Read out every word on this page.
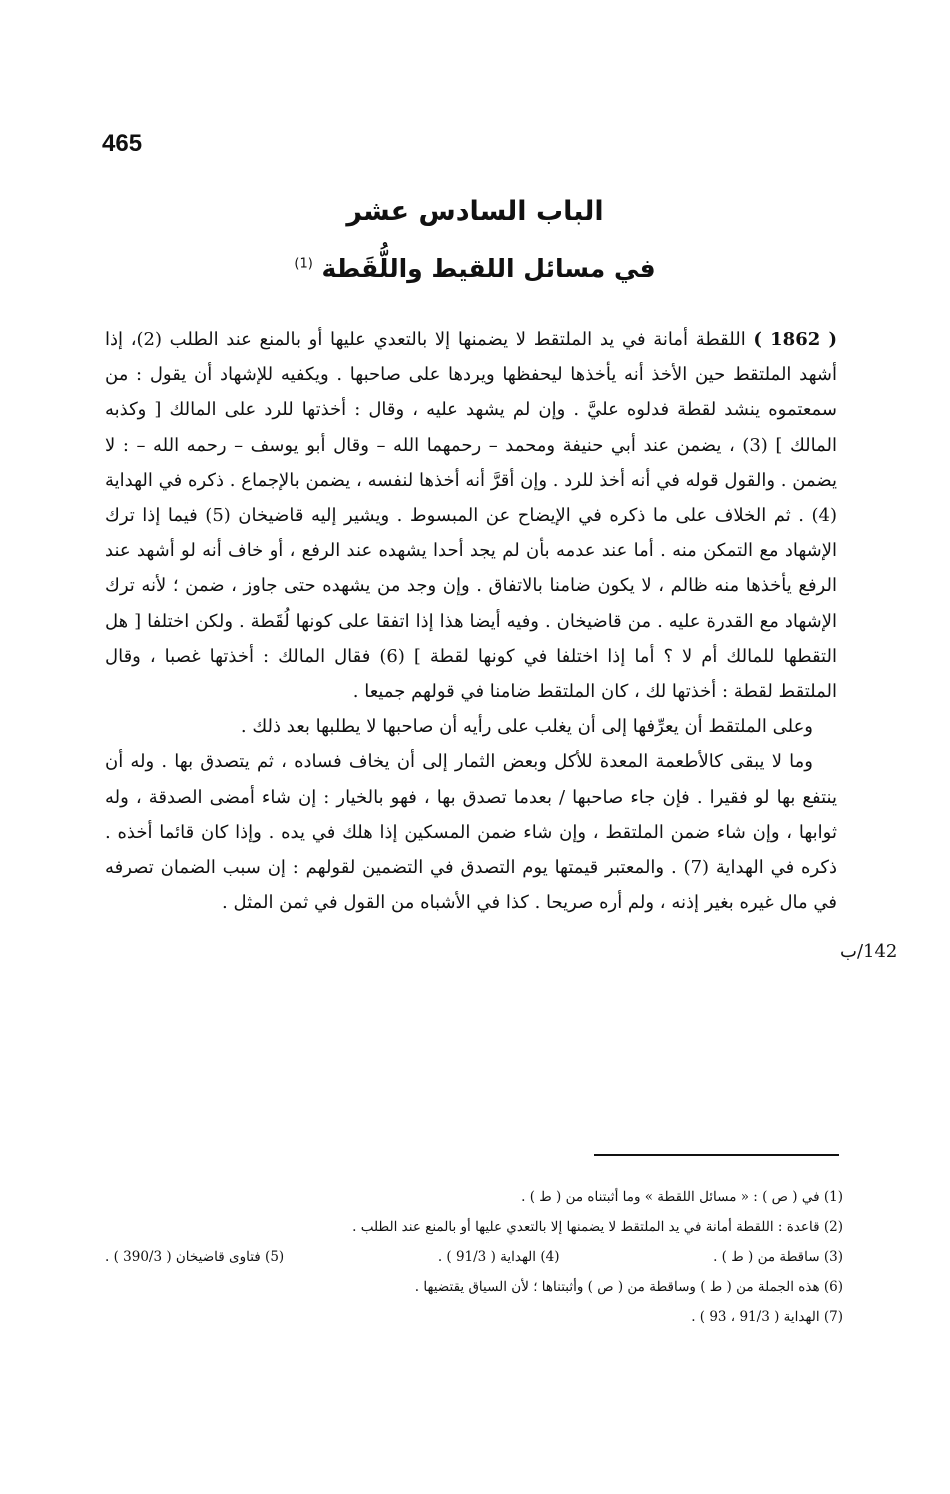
465
الباب السادس عشر
في مسائل اللقيط واللُّقَطة $^{(1)}$
142/ب

( 1862 ) اللقطة أمانة في يد الملتقط لا يضمنها إلا بالتعدي عليها أو بالمنع عند الطلب (2)، إذا أشهد الملتقط حين الأخذ أنه يأخذها ليحفظها ويردها على صاحبها . ويكفيه للإشهاد أن يقول : من سمعتموه ينشد لقطة فدلوه عليَّ . وإن لم يشهد عليه ، وقال : أخذتها للرد على المالك [ وكذبه المالك ] (3) ، يضمن عند أبي حنيفة ومحمد – رحمهما الله – وقال أبو يوسف – رحمه الله – : لا يضمن . والقول قوله في أنه أخذ للرد . وإن أقرَّ أنه أخذها لنفسه ، يضمن بالإجماع . ذكره في الهداية (4) . ثم الخلاف على ما ذكره في الإيضاح عن المبسوط . ويشير إليه قاضيخان (5) فيما إذا ترك الإشهاد مع التمكن منه . أما عند عدمه بأن لم يجد أحدا يشهده عند الرفع ، أو خاف أنه لو أشهد عند الرفع يأخذها منه ظالم ، لا يكون ضامنا بالاتفاق . وإن وجد من يشهده حتى جاوز ، ضمن ؛ لأنه ترك الإشهاد مع القدرة عليه . من قاضيخان . وفيه أيضا هذا إذا اتفقا على كونها لُقَطة . ولكن اختلفا [ هل التقطها للمالك أم لا ؟ أما إذا اختلفا في كونها لقطة ] (6) فقال المالك : أخذتها غصبا ، وقال الملتقط لقطة : أخذتها لك ، كان الملتقط ضامنا في قولهم جميعا .

وعلى الملتقط أن يعرِّفها إلى أن يغلب على رأيه أن صاحبها لا يطلبها بعد ذلك .

وما لا يبقى كالأطعمة المعدة للأكل وبعض الثمار إلى أن يخاف فساده ، ثم يتصدق بها . وله أن ينتفع بها لو فقيرا . فإن جاء صاحبها / بعدما تصدق بها ، فهو بالخيار : إن شاء أمضى الصدقة ، وله ثوابها ، وإن شاء ضمن الملتقط ، وإن شاء ضمن المسكين إذا هلك في يده . وإذا كان قائما أخذه . ذكره في الهداية (7) . والمعتبر قيمتها يوم التصدق في التضمين لقولهم : إن سبب الضمان تصرفه في مال غيره بغير إذنه ، ولم أره صريحا . كذا في الأشباه من القول في ثمن المثل .

(1) في ( ص ) : « مسائل اللقطة » وما أثبتناه من ( ط ) .
(2) قاعدة : اللقطة أمانة في يد الملتقط لا يضمنها إلا بالتعدي عليها أو بالمنع عند الطلب .
(3) ساقطة من ( ط ) .
(4) الهداية ( 91/3 ) .
(5) فتاوى قاضيخان ( 390/3 ) .
(6) هذه الجملة من ( ط ) وساقطة من ( ص ) وأثبتناها ؛ لأن السياق يقتضيها .
(7) الهداية ( 91/3 ، 93 ) .
